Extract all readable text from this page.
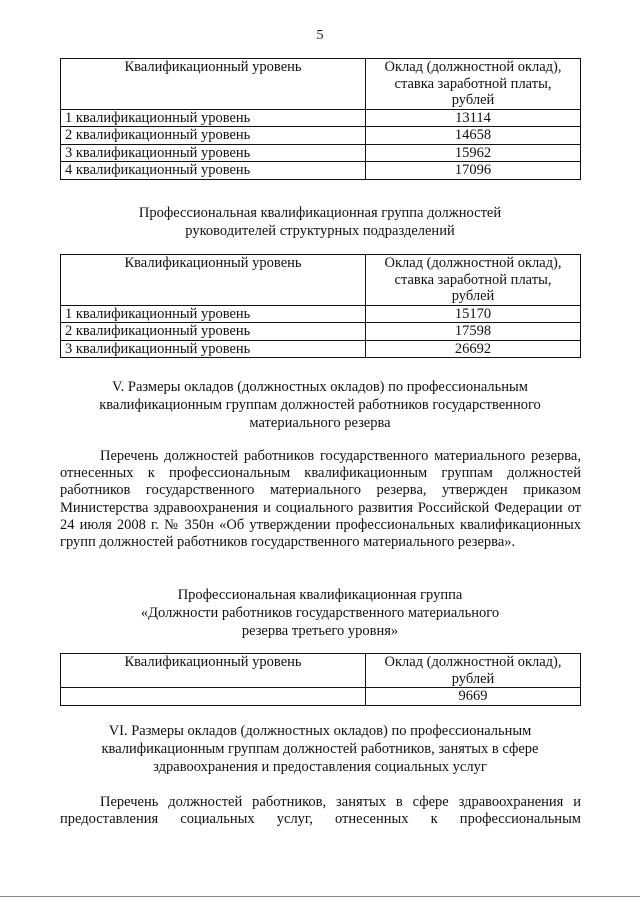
5
Квалификационный уровень	Оклад (должностной оклад),
ставка заработной платы,
рублей

1 квалификационный уровень	13114
2 квалификационный уровень	14658
3 квалификационный уровень	15962
4 квалификационный уровень	17096
Профессиональная квалификационная группа должностей
руководителей структурных подразделений
Квалификационный уровень	Оклад (должностной оклад),
ставка заработной платы,
рублей

1 квалификационный уровень	15170
2 квалификационный уровень	17598
3 квалификационный уровень	26692
V. Размеры окладов (должностных окладов) по профессиональным
квалификационным группам должностей работников государственного
материального резерва
Перечень должностей работников государственного материального резерва, отнесенных к профессиональным квалификационным группам должностей работников государственного материального резерва, утвержден приказом Министерства здравоохранения и социального развития Российской Федерации от 24 июля 2008 г. № 350н «Об утверждении профессиональных квалификационных групп должностей работников государственного материального резерва».
Профессиональная квалификационная группа
«Должности работников государственного материального
резерва третьего уровня»
Квалификационный уровень	Оклад (должностной оклад),
рублей

	9669
VI. Размеры окладов (должностных окладов) по профессиональным
квалификационным группам должностей работников, занятых в сфере
здравоохранения и предоставления социальных услуг
Перечень должностей работников, занятых в сфере здравоохранения и
предоставления социальных услуг, отнесенных к профессиональным
